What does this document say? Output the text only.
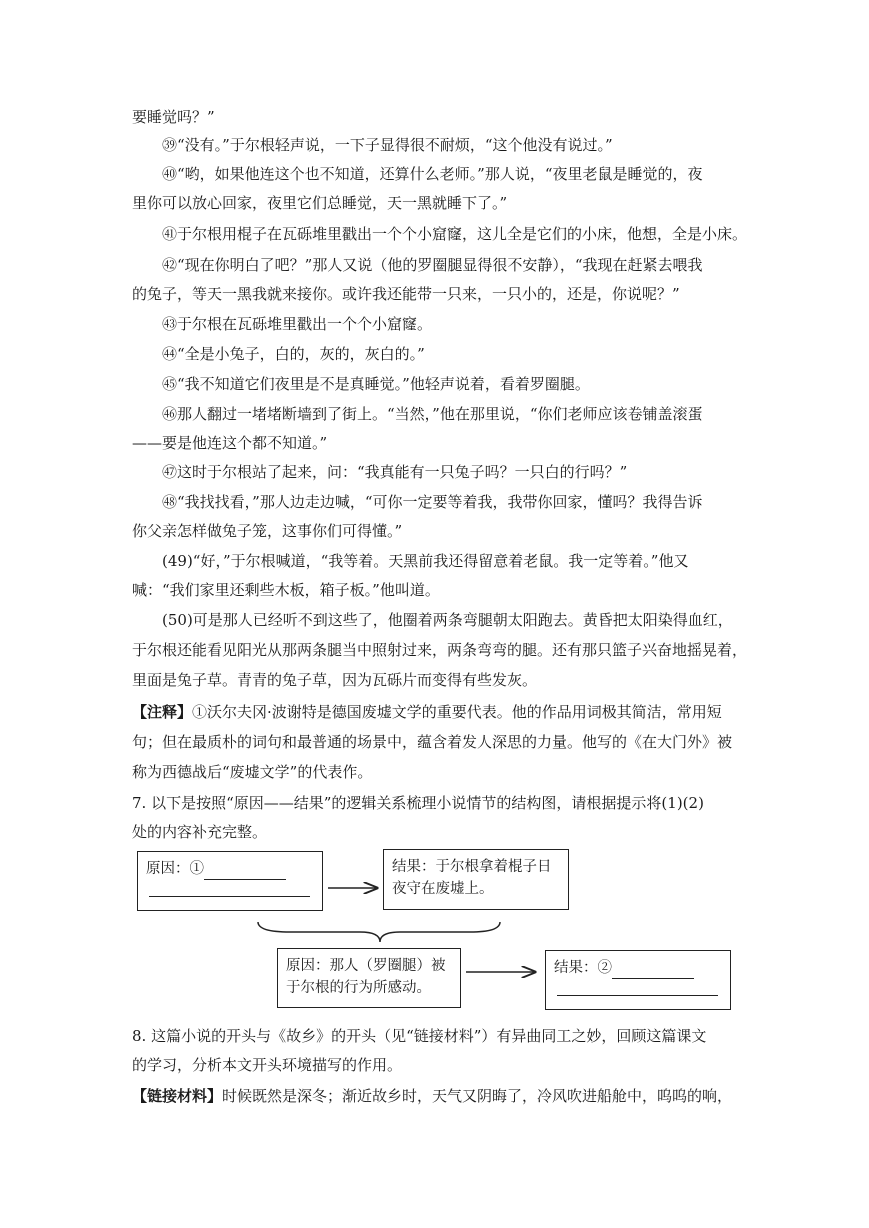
要睡觉吗？”
㊴“没有。”于尔根轻声说，一下子显得很不耐烦，“这个他没有说过。”
㊵“哟，如果他连这个也不知道，还算什么老师。”那人说，“夜里老鼠是睡觉的，夜
里你可以放心回家，夜里它们总睡觉，天一黑就睡下了。”
㊶于尔根用棍子在瓦砾堆里戳出一个个小窟窿，这儿全是它们的小床，他想，全是小床。
㊷“现在你明白了吧？”那人又说（他的罗圈腿显得很不安静），“我现在赶紧去喂我
的兔子，等天一黑我就来接你。或许我还能带一只来，一只小的，还是，你说呢？”
㊸于尔根在瓦砾堆里戳出一个个小窟窿。
㊹“全是小兔子，白的，灰的，灰白的。”
㊺“我不知道它们夜里是不是真睡觉。”他轻声说着，看着罗圈腿。
㊻那人翻过一堵堵断墙到了街上。“当然，”他在那里说，“你们老师应该卷铺盖滚蛋
——要是他连这个都不知道。”
㊼这时于尔根站了起来，问：“我真能有一只兔子吗？一只白的行吗？”
㊽“我找找看，”那人边走边喊，“可你一定要等着我，我带你回家，懂吗？我得告诉
你父亲怎样做兔子笼，这事你们可得懂。”
(49)“好，”于尔根喊道，“我等着。天黑前我还得留意着老鼠。我一定等着。”他又
喊：“我们家里还剩些木板，箱子板。”他叫道。
(50)可是那人已经听不到这些了，他圈着两条弯腿朝太阳跑去。黄昏把太阳染得血红，
于尔根还能看见阳光从那两条腿当中照射过来，两条弯弯的腿。还有那只篮子兴奋地摇晃着，
里面是兔子草。青青的兔子草，因为瓦砾片而变得有些发灰。
【注释】①沃尔夫冈·波谢特是德国废墟文学的重要代表。他的作品用词极其简洁，常用短
句；但在最质朴的词句和最普通的场景中，蕴含着发人深思的力量。他写的《在大门外》被
称为西德战后“废墟文学”的代表作。
7. 以下是按照“原因——结果”的逻辑关系梳理小说情节的结构图，请根据提示将(1)(2)
处的内容补充完整。
原因：①	结果：于尔根拿着棍子日
夜守在废墟上。
原因：那人（罗圈腿）被
于尔根的行为所感动。
结果：②
8. 这篇小说的开头与《故乡》的开头（见“链接材料”）有异曲同工之妙，回顾这篇课文
的学习，分析本文开头环境描写的作用。
【链接材料】时候既然是深冬；渐近故乡时，天气又阴晦了，冷风吹进船舱中，呜呜的响，
